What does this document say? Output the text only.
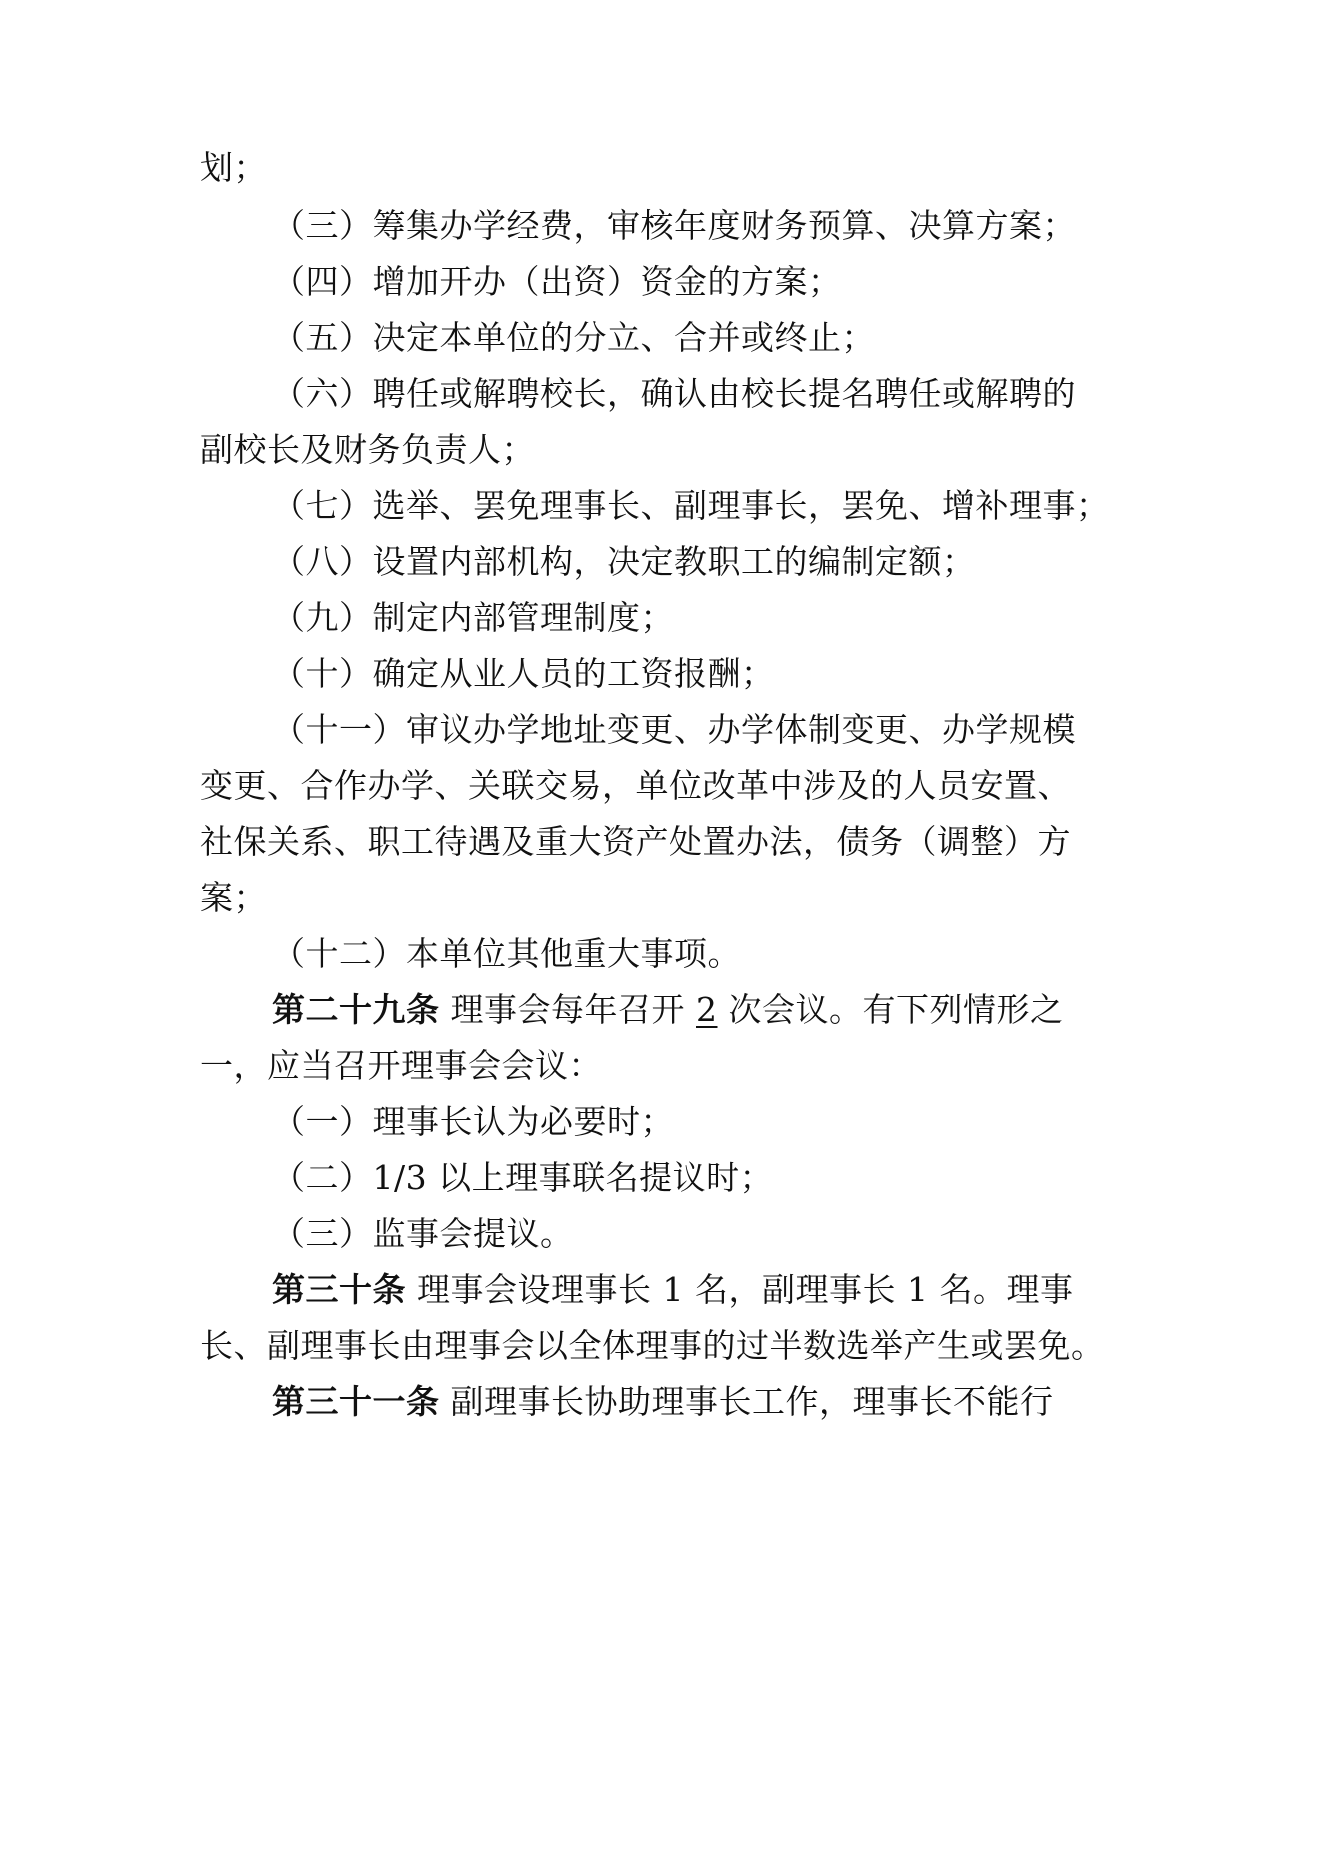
划；
（三）筹集办学经费，审核年度财务预算、决算方案；
（四）增加开办（出资）资金的方案；
（五）决定本单位的分立、合并或终止；
（六）聘任或解聘校长，确认由校长提名聘任或解聘的
副校长及财务负责人；
（七）选举、罢免理事长、副理事长，罢免、增补理事；
（八）设置内部机构，决定教职工的编制定额；
（九）制定内部管理制度；
（十）确定从业人员的工资报酬；
（十一）审议办学地址变更、办学体制变更、办学规模
变更、合作办学、关联交易，单位改革中涉及的人员安置、
社保关系、职工待遇及重大资产处置办法，债务（调整）方
案；
（十二）本单位其他重大事项。
第二十九条 理事会每年召开 2 次会议。有下列情形之
一，应当召开理事会会议：
（一）理事长认为必要时；
（二）1/3 以上理事联名提议时；
（三）监事会提议。
第三十条 理事会设理事长 1 名，副理事长 1 名。理事
长、副理事长由理事会以全体理事的过半数选举产生或罢免。
第三十一条 副理事长协助理事长工作，理事长不能行
